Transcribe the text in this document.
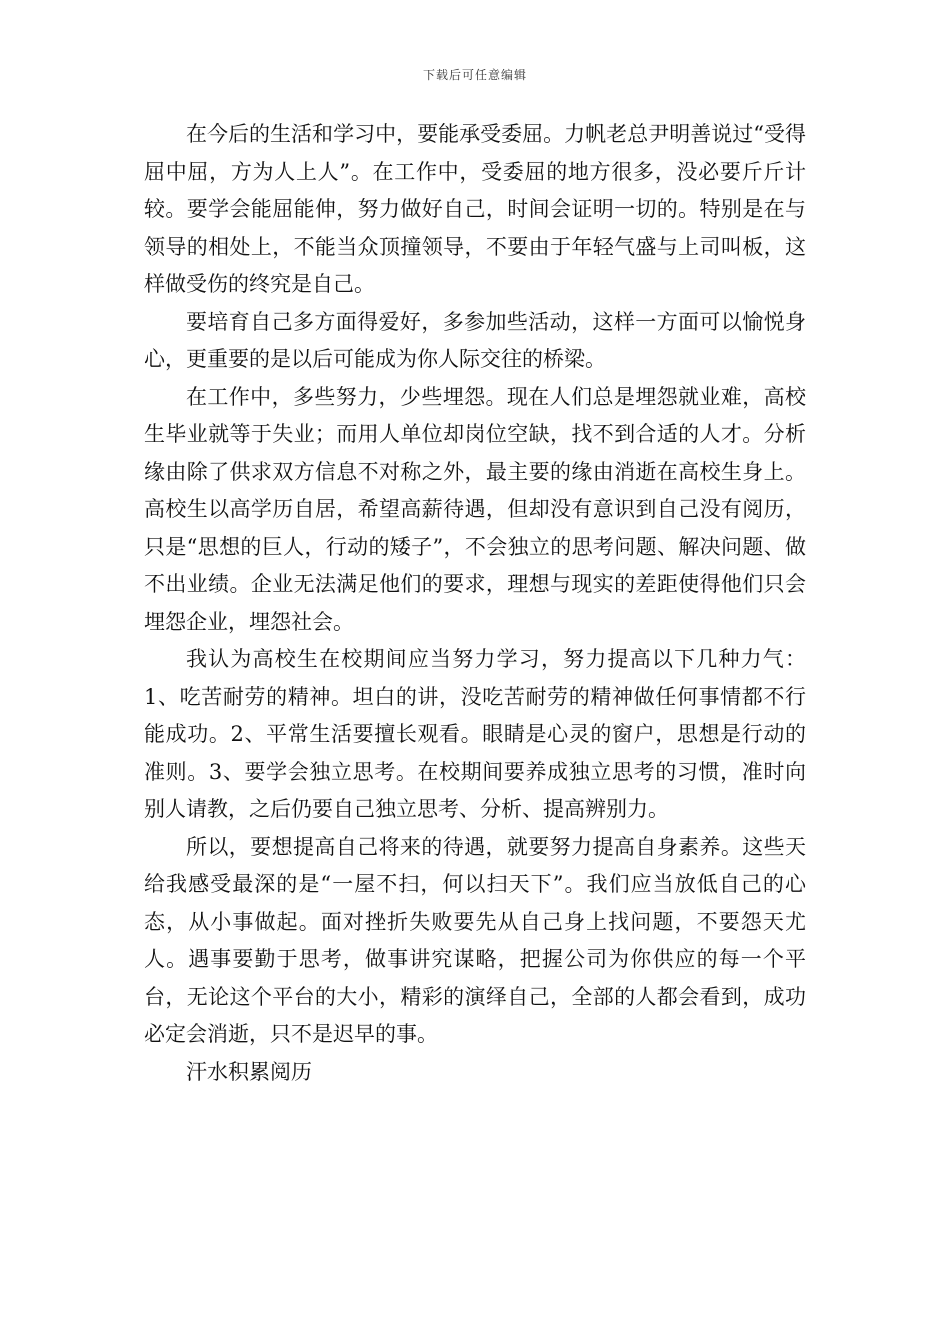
下载后可任意编辑

在今后的生活和学习中，要能承受委屈。力帆老总尹明善说过“受得屈中屈，方为人上人”。在工作中，受委屈的地方很多，没必要斤斤计较。要学会能屈能伸，努力做好自己，时间会证明一切的。特别是在与领导的相处上，不能当众顶撞领导，不要由于年轻气盛与上司叫板，这样做受伤的终究是自己。

要培育自己多方面得爱好，多参加些活动，这样一方面可以愉悦身心，更重要的是以后可能成为你人际交往的桥梁。

在工作中，多些努力，少些埋怨。现在人们总是埋怨就业难，高校生毕业就等于失业；而用人单位却岗位空缺，找不到合适的人才。分析缘由除了供求双方信息不对称之外，最主要的缘由消逝在高校生身上。高校生以高学历自居，希望高薪待遇，但却没有意识到自己没有阅历，只是“思想的巨人，行动的矮子”，不会独立的思考问题、解决问题、做不出业绩。企业无法满足他们的要求，理想与现实的差距使得他们只会埋怨企业，埋怨社会。

我认为高校生在校期间应当努力学习，努力提高以下几种力气：1、吃苦耐劳的精神。坦白的讲，没吃苦耐劳的精神做任何事情都不行能成功。2、平常生活要擅长观看。眼睛是心灵的窗户，思想是行动的准则。3、要学会独立思考。在校期间要养成独立思考的习惯，准时向别人请教，之后仍要自己独立思考、分析、提高辨别力。

所以，要想提高自己将来的待遇，就要努力提高自身素养。这些天给我感受最深的是“一屋不扫，何以扫天下”。我们应当放低自己的心态，从小事做起。面对挫折失败要先从自己身上找问题，不要怨天尤人。遇事要勤于思考，做事讲究谋略，把握公司为你供应的每一个平台，无论这个平台的大小，精彩的演绎自己，全部的人都会看到，成功必定会消逝，只不是迟早的事。

汗水积累阅历
